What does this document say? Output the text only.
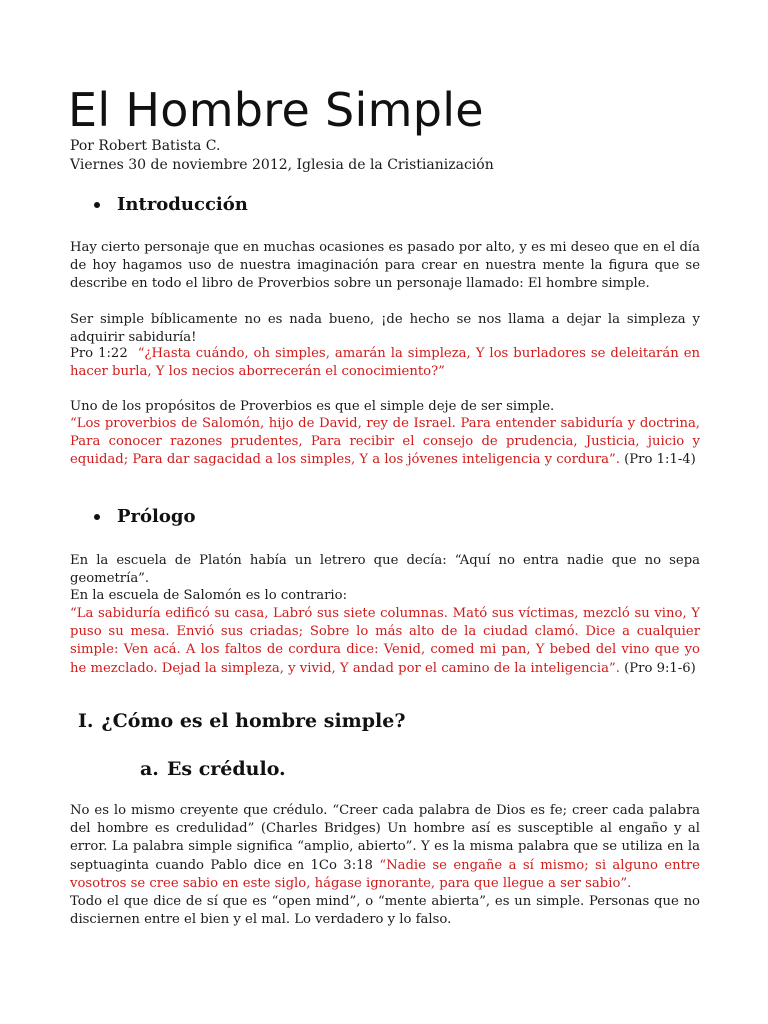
El Hombre Simple
Por Robert Batista C.
Viernes 30 de noviembre 2012, Iglesia de la Cristianización
Introducción

Hay cierto personaje que en muchas ocasiones es pasado por alto, y es mi deseo que en el día de hoy hagamos uso de nuestra imaginación para crear en nuestra mente la figura que se describe en todo el libro de Proverbios sobre un personaje llamado: El hombre simple.

Ser simple bíblicamente no es nada bueno, ¡de hecho se nos llama a dejar la simpleza y adquirir sabiduría!

Pro 1:22 “¿Hasta cuándo, oh simples, amarán la simpleza, Y los burladores se deleitarán en hacer burla, Y los necios aborrecerán el conocimiento?”

Uno de los propósitos de Proverbios es que el simple deje de ser simple.

“Los proverbios de Salomón, hijo de David, rey de Israel. Para entender sabiduría y doctrina, Para conocer razones prudentes, Para recibir el consejo de prudencia, Justicia, juicio y equidad; Para dar sagacidad a los simples, Y a los jóvenes inteligencia y cordura”. (Pro 1:1-4)

Prólogo

En la escuela de Platón había un letrero que decía: “Aquí no entra nadie que no sepa geometría”.

En la escuela de Salomón es lo contrario:

“La sabiduría edificó su casa, Labró sus siete columnas. Mató sus víctimas, mezcló su vino, Y puso su mesa. Envió sus criadas; Sobre lo más alto de la ciudad clamó. Dice a cualquier simple: Ven acá. A los faltos de cordura dice: Venid, comed mi pan, Y bebed del vino que yo he mezclado. Dejad la simpleza, y vivid, Y andad por el camino de la inteligencia”. (Pro 9:1-6)

I. ¿Cómo es el hombre simple?
a. Es crédulo.

No es lo mismo creyente que crédulo. “Creer cada palabra de Dios es fe; creer cada palabra del hombre es credulidad” (Charles Bridges) Un hombre así es susceptible al engaño y al error. La palabra simple significa “amplio, abierto”. Y es la misma palabra que se utiliza en la septuaginta cuando Pablo dice en 1Co 3:18 “Nadie se engañe a sí mismo; si alguno entre vosotros se cree sabio en este siglo, hágase ignorante, para que llegue a ser sabio”.

Todo el que dice de sí que es “open mind”, o “mente abierta”, es un simple. Personas que no disciernen entre el bien y el mal. Lo verdadero y lo falso.
